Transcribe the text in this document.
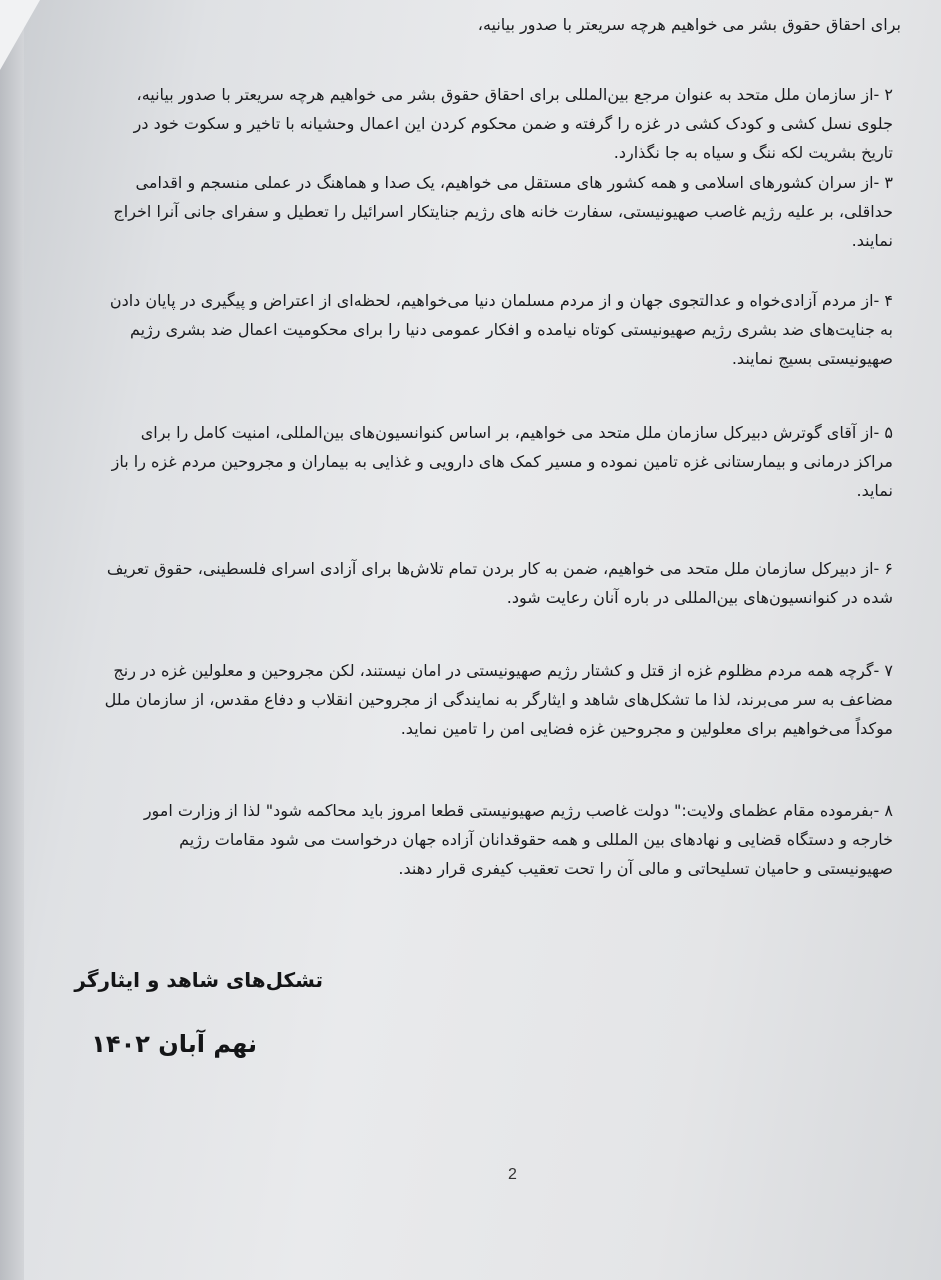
برای احقاق حقوق بشر می خواهیم هرچه سریعتر با صدور بیانیه،

۲ -از سازمان ملل متحد به عنوان مرجع بین‌المللی برای احقاق حقوق بشر می خواهیم هرچه سریعتر با صدور بیانیه، جلوی نسل کشی و کودک کشی در غزه را گرفته و ضمن محکوم کردن این اعمال وحشیانه با تاخیر و سکوت خود در تاریخ بشریت لکه ننگ و سیاه به جا نگذارد.

۳ -از سران کشورهای اسلامی و همه کشور های مستقل می خواهیم، یک صدا و هماهنگ در عملی منسجم و اقدامی حداقلی، بر علیه رژیم غاصب صهیونیستی، سفارت خانه های رژیم جنایتکار اسرائیل را تعطیل و سفرای جانی آنرا اخراج نمایند.

۴ -از مردم آزادی‌خواه و عدالتجوی جهان و از مردم مسلمان دنیا می‌خواهیم، لحظه‌ای از اعتراض و پیگیری در پایان دادن به جنایت‌های ضد بشری رژیم صهیونیستی کوتاه نیامده و افکار عمومی دنیا را برای محکومیت اعمال ضد بشری رژیم صهیونیستی بسیج نمایند.

۵ -از آقای گوترش دبیرکل سازمان ملل متحد می خواهیم، بر اساس کنوانسیون‌های بین‌المللی، امنیت کامل را برای مراکز درمانی و بیمارستانی غزه تامین نموده و مسیر کمک های دارویی و غذایی به بیماران و مجروحین مردم غزه را باز نماید.

۶ -از دبیرکل سازمان ملل متحد می خواهیم، ضمن به کار بردن تمام تلاش‌ها برای آزادی اسرای فلسطینی، حقوق تعریف شده در کنوانسیون‌های بین‌المللی در باره آنان رعایت شود.

۷ -گرچه همه مردم مظلوم غزه از قتل و کشتار رژیم صهیونیستی در امان نیستند، لکن مجروحین و معلولین غزه در رنج مضاعف به سر می‌برند، لذا ما تشکل‌های شاهد و ایثارگر به نمایندگی از مجروحین انقلاب و دفاع مقدس، از سازمان ملل موکداً می‌خواهیم برای معلولین و مجروحین غزه فضایی امن را تامین نماید.

۸ -بفرموده مقام عظمای ولایت:" دولت غاصب رژیم صهیونیستی قطعا امروز باید محاکمه شود" لذا از وزارت امور خارجه و دستگاه قضایی و نهادهای بین المللی و همه حقوقدانان آزاده جهان درخواست می شود مقامات رژیم صهیونیستی و حامیان تسلیحاتی و مالی آن را تحت تعقیب کیفری قرار دهند.

تشکل‌های شاهد و ایثارگر

نهم آبان ۱۴۰۲

2
